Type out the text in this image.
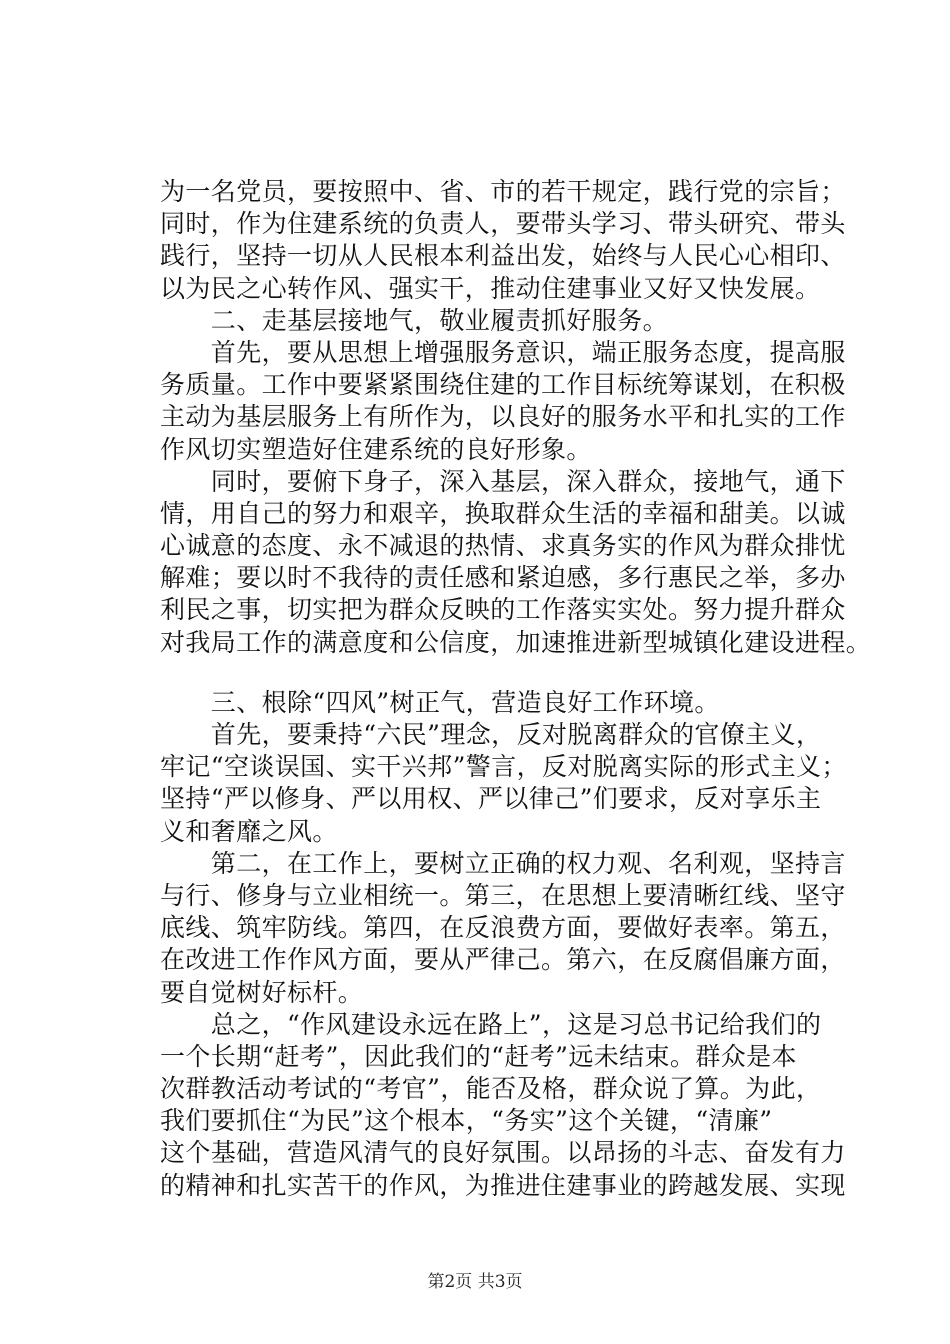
为一名党员，要按照中、省、市的若干规定，践行党的宗旨；
同时，作为住建系统的负责人，要带头学习、带头研究、带头
践行，坚持一切从人民根本利益出发，始终与人民心心相印、
以为民之心转作风、强实干，推动住建事业又好又快发展。
　　二、走基层接地气，敬业履责抓好服务。
　　首先，要从思想上增强服务意识，端正服务态度，提高服
务质量。工作中要紧紧围绕住建的工作目标统筹谋划，在积极
主动为基层服务上有所作为，以良好的服务水平和扎实的工作
作风切实塑造好住建系统的良好形象。
　　同时，要俯下身子，深入基层，深入群众，接地气，通下
情，用自己的努力和艰辛，换取群众生活的幸福和甜美。以诚
心诚意的态度、永不减退的热情、求真务实的作风为群众排忧
解难；要以时不我待的责任感和紧迫感，多行惠民之举，多办
利民之事，切实把为群众反映的工作落实实处。努力提升群众
对我局工作的满意度和公信度，加速推进新型城镇化建设进程。
　　三、根除“四风”树正气，营造良好工作环境。
　　首先，要秉持“六民”理念，反对脱离群众的官僚主义，
牢记“空谈误国、实干兴邦”警言，反对脱离实际的形式主义；
坚持“严以修身、严以用权、严以律己”们要求，反对享乐主
义和奢靡之风。
　　第二，在工作上，要树立正确的权力观、名利观，坚持言
与行、修身与立业相统一。第三，在思想上要清晰红线、坚守
底线、筑牢防线。第四，在反浪费方面，要做好表率。第五，
在改进工作作风方面，要从严律己。第六，在反腐倡廉方面，
要自觉树好标杆。
　　总之，“作风建设永远在路上”，这是习总书记给我们的
一个长期“赶考”，因此我们的“赶考”远未结束。群众是本
次群教活动考试的“考官”，能否及格，群众说了算。为此，
我们要抓住“为民”这个根本，“务实”这个关键，“清廉”
这个基础，营造风清气的良好氛围。以昂扬的斗志、奋发有力
的精神和扎实苦干的作风，为推进住建事业的跨越发展、实现
第2页 共3页
